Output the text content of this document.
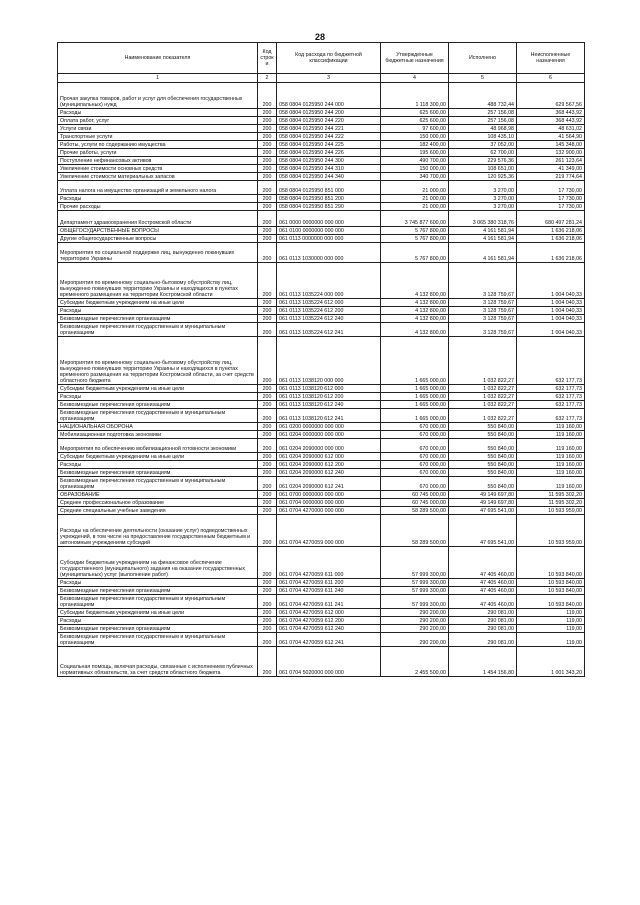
28
Наименование показателя	Код строк и	Код расхода по бюджетной классификации	Утвержденные бюджетные назначения	Исполнено	Неисполненные назначения
1	2	3	4	5	6
Прочая закупка товаров, работ и услуг для обеспечения государственных (муниципальных) нужд	200	058 0804 0125950 244 000	1 118 300,00	488 732,44	629 567,56
Расходы	200	058 0804 0125950 244 200	625 600,00	257 156,08	368 443,92
Оплата работ, услуг	200	058 0804 0125950 244 220	625 600,00	257 156,08	368 443,92
Услуги связи	200	058 0804 0125950 244 221	97 600,00	48 968,98	48 631,02
Транспортные услуги	200	058 0804 0125950 244 222	150 000,00	108 435,10	41 564,90
Работы, услуги по содержанию имущества	200	058 0804 0125950 244 225	182 400,00	37 052,00	145 348,00
Прочие работы, услуги	200	058 0804 0125950 244 226	195 600,00	62 700,00	132 900,00
Поступление нефинансовых активов	200	058 0804 0125950 244 300	490 700,00	229 576,36	261 123,64
Увеличение стоимости основных средств	200	058 0804 0125950 244 310	150 000,00	108 651,00	41 349,00
Увеличение стоимости материальных запасов	200	058 0804 0125950 244 340	340 700,00	120 925,36	219 774,64
Уплата налога на имущество организаций и земельного налога	200	058 0804 0125950 851 000	21 000,00	3 270,00	17 730,00
Расходы	200	058 0804 0125950 851 200	21 000,00	3 270,00	17 730,00
Прочие расходы	200	058 0804 0125950 851 290	21 000,00	3 270,00	17 730,00
Департамент здравоохранения Костромской области	200	061 0000 0000000 000 000	3 745 877 600,00	3 065 380 318,76	680 497 281,24
ОБЩЕГОСУДАРСТВЕННЫЕ ВОПРОСЫ	200	061 0100 0000000 000 000	5 767 800,00	4 161 581,94	1 636 218,06
Другие общегосударственные вопросы	200	061 0113 0000000 000 000	5 767 800,00	4 161 581,94	1 636 218,06
Мероприятия по социальной поддержке лиц, вынужденно покинувших территорию Украины	200	061 0113 1030000 000 000	5 767 800,00	4 161 581,94	1 636 218,06
Мероприятия по временному социально-бытовому обустройству лиц, вынужденно покинувших территорию Украины и находящихся в пунктах временного размещения на территории Костромской области	200	061 0113 1035224 000 000	4 132 800,00	3 128 759,67	1 004 040,33
Субсидии бюджетным учреждениям на иные цели	200	061 0113 1035224 612 000	4 132 800,00	3 128 759,67	1 004 040,33
Расходы	200	061 0113 1035224 612 200	4 132 800,00	3 128 759,67	1 004 040,33
Безвозмездные перечисления организациям	200	061 0113 1035224 612 240	4 132 800,00	3 128 759,67	1 004 040,33
Безвозмездные перечисления государственным и муниципальным организациям	200	061 0113 1035224 612 241	4 132 800,00	3 128 759,67	1 004 040,33
Мероприятия по временному социально-бытовому обустройству лиц, вынужденно покинувших территорию Украины и находящихся в пунктах временного размещения на территории Костромской области, за счет средств областного бюджета	200	061 0113 1038120 000 000	1 665 000,00	1 032 822,27	632 177,73
Субсидии бюджетным учреждениям на иные цели	200	061 0113 1038120 612 000	1 665 000,00	1 032 822,27	632 177,73
Расходы	200	061 0113 1038120 612 200	1 665 000,00	1 032 822,27	632 177,73
Безвозмездные перечисления организациям	200	061 0113 1038120 612 240	1 665 000,00	1 032 822,27	632 177,73
Безвозмездные перечисления государственным и муниципальным организациям	200	061 0113 1038120 612 241	1 665 000,00	1 032 822,27	632 177,73
НАЦИОНАЛЬНАЯ ОБОРОНА	200	061 0200 0000000 000 000	670 000,00	550 840,00	119 160,00
Мобилизационная подготовка экономики	200	061 0204 0000000 000 000	670 000,00	550 840,00	119 160,00
Мероприятия по обеспечению мобилизационной готовности экономики	200	061 0204 2090000 000 000	670 000,00	550 840,00	119 160,00
Субсидии бюджетным учреждениям на иные цели	200	061 0204 2090000 612 000	670 000,00	550 840,00	119 160,00
Расходы	200	061 0204 2090000 612 200	670 000,00	550 840,00	119 160,00
Безвозмездные перечисления организациям	200	061 0204 2090000 612 240	670 000,00	550 840,00	119 160,00
Безвозмездные перечисления государственным и муниципальным организациям	200	061 0204 2090000 612 241	670 000,00	550 840,00	119 160,00
ОБРАЗОВАНИЕ	200	061 0700 0000000 000 000	60 745 000,00	49 149 697,80	11 595 302,20
Среднее профессиональное образование	200	061 0704 0000000 000 000	60 745 000,00	49 149 697,80	11 595 302,20
Средние специальные учебные заведения	200	061 0704 4270000 000 000	58 289 500,00	47 695 541,00	10 593 959,00
Расходы на обеспечение деятельности (оказание услуг) подведомственных учреждений, в том числе на предоставление государственным бюджетным и автономным учреждениям субсидий	200	061 0704 4270059 000 000	58 289 500,00	47 695 541,00	10 593 959,00
Субсидии бюджетным учреждениям на финансовое обеспечение государственного (муниципального) задания на оказание государственных (муниципальных) услуг (выполнение работ)	200	061 0704 4270059 611 000	57 999 300,00	47 405 460,00	10 593 840,00
Расходы	200	061 0704 4270059 611 200	57 999 300,00	47 405 460,00	10 593 840,00
Безвозмездные перечисления организациям	200	061 0704 4270059 611 240	57 999 300,00	47 405 460,00	10 593 840,00
Безвозмездные перечисления государственным и муниципальным организациям	200	061 0704 4270059 611 241	57 999 300,00	47 405 460,00	10 593 840,00
Субсидии бюджетным учреждениям на иные цели	200	061 0704 4270059 612 000	290 200,00	290 081,00	119,00
Расходы	200	061 0704 4270059 612 200	290 200,00	290 081,00	119,00
Безвозмездные перечисления организациям	200	061 0704 4270059 612 240	290 200,00	290 081,00	119,00
Безвозмездные перечисления государственным и муниципальным организациям	200	061 0704 4270059 612 241	290 200,00	290 081,00	119,00
Социальная помощь, включая расходы, связанные с исполнением публичных нормативных обязательств, за счет средств областного бюджета	200	061 0704 5020000 000 000	2 455 500,00	1 454 156,80	1 001 343,20
